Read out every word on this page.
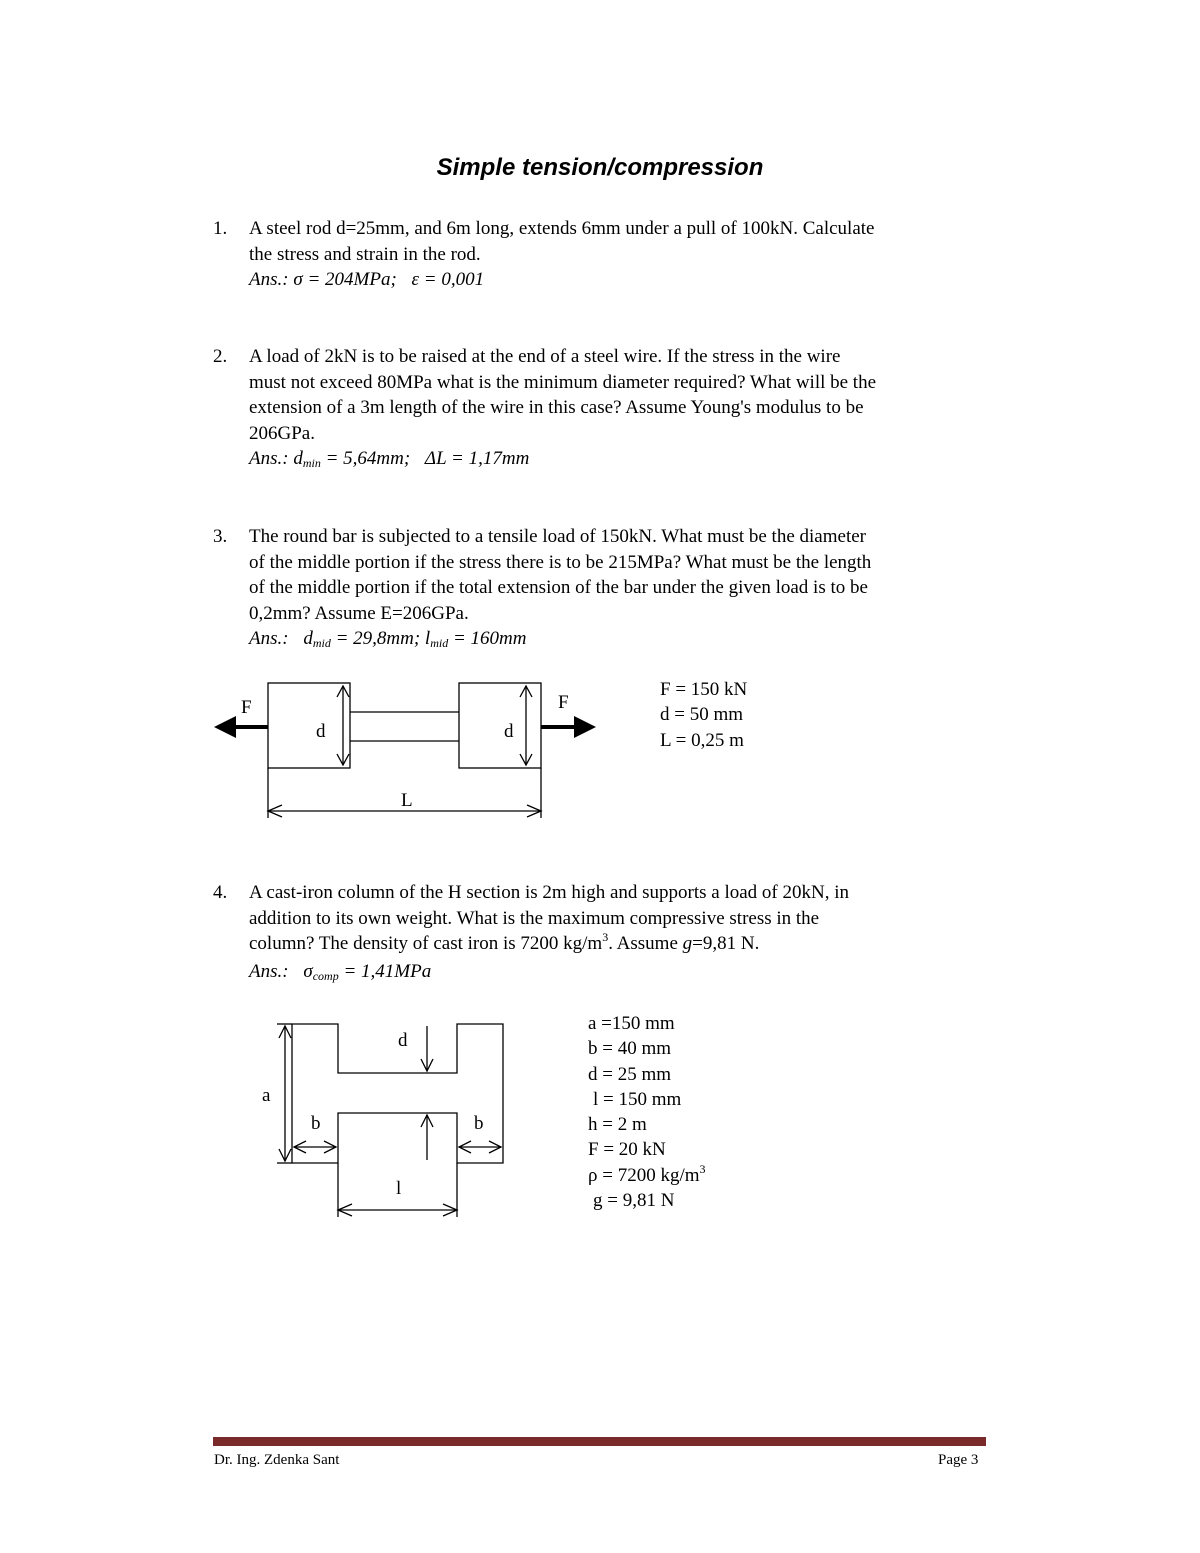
Simple tension/compression
1. A steel rod d=25mm, and 6m long, extends 6mm under a pull of 100kN. Calculate
the stress and strain in the rod.
Ans.: σ = 204MPa; ε = 0,001
2. A load of 2kN is to be raised at the end of a steel wire. If the stress in the wire
must not exceed 80MPa what is the minimum diameter required? What will be the
extension of a 3m length of the wire in this case? Assume Young's modulus to be
206GPa.
Ans.: $d_{min} = 5,64mm$; ΔL = 1,17mm
3. The round bar is subjected to a tensile load of 150kN. What must be the diameter
of the middle portion if the stress there is to be 215MPa? What must be the length
of the middle portion if the total extension of the bar under the given load is to be
0,2mm? Assume E=206GPa.
Ans.: $d_{mid} = 29,8mm$; $l_{mid} = 160mm$
F	F
d	d
L
F = 150 kN
d = 50 mm
L = 0,25 m
4. A cast-iron column of the H section is 2m high and supports a load of 20kN, in
addition to its own weight. What is the maximum compressive stress in the
column? The density of cast iron is 7200 $kg/m^3$. Assume g=9,81 N.
Ans.: $\sigma_{comp} = 1,41MPa$
a
b	b
d
l
a =150 mm
b = 40 mm
d = 25 mm
l = 150 mm
h = 2 m
F = 20 kN
ρ = 7200 $kg/m^3$
g = 9,81 N
Dr. Ing. Zdenka Sant	Page 3
